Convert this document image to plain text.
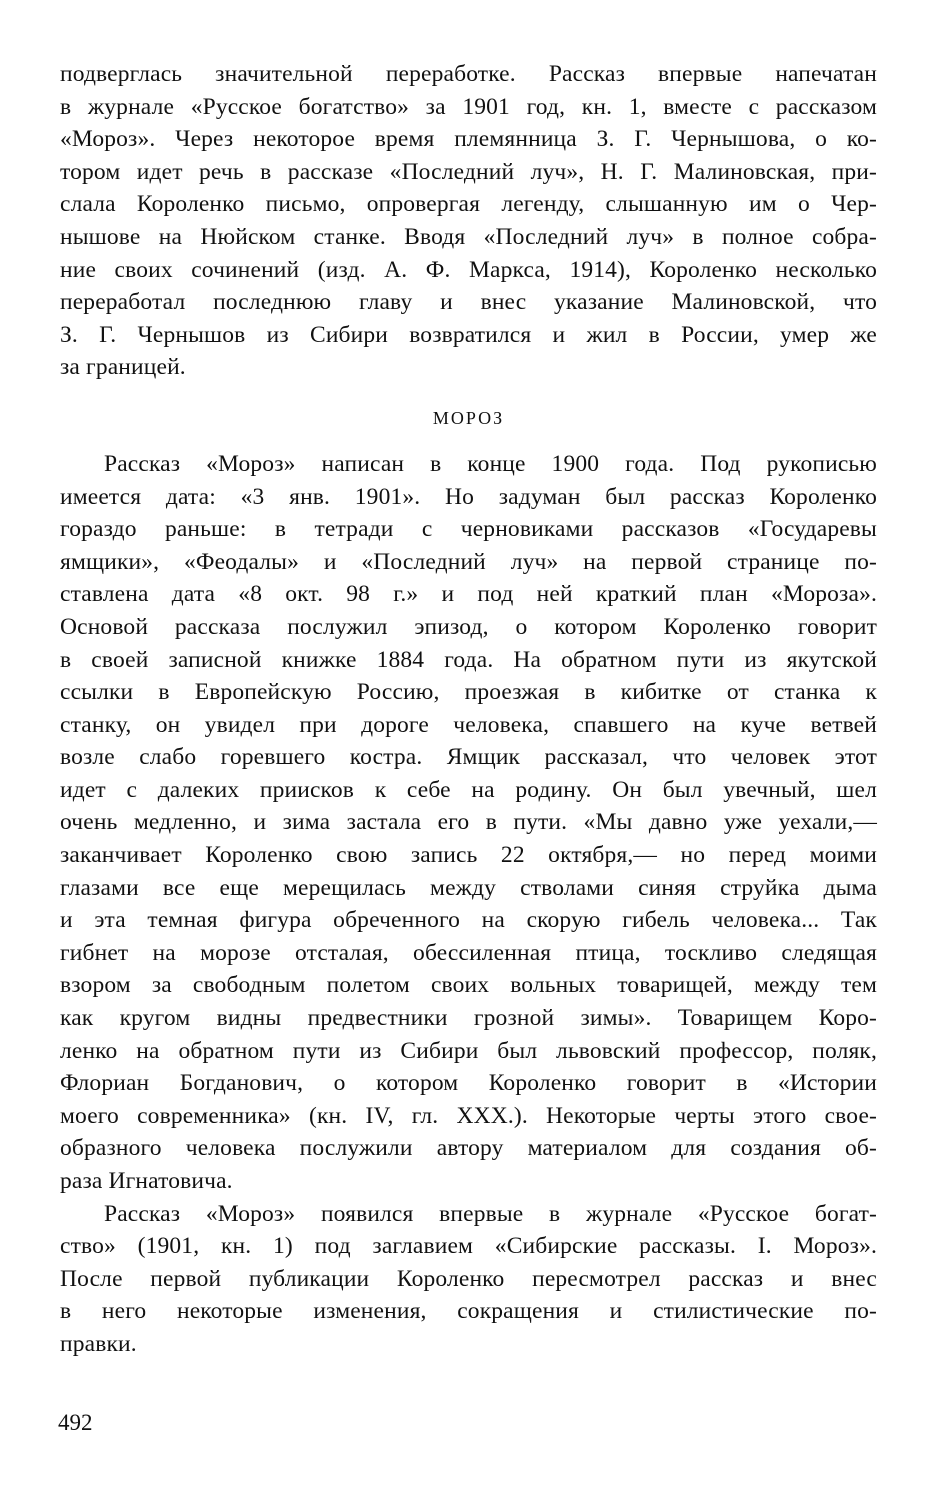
подверглась значительной переработке. Рассказ впервые напечатан
в журнале «Русское богатство» за 1901 год, кн. 1, вместе с рассказом
«Мороз». Через некоторое время племянница З. Г. Чернышова, о ко-
тором идет речь в рассказе «Последний луч», Н. Г. Малиновская, при-
слала Короленко письмо, опровергая легенду, слышанную им о Чер-
нышове на Нюйском станке. Вводя «Последний луч» в полное собра-
ние своих сочинений (изд. А. Ф. Маркса, 1914), Короленко несколько
переработал последнюю главу и внес указание Малиновской, что
З. Г. Чернышов из Сибири возвратился и жил в России, умер же
за границей.
МОРОЗ
Рассказ «Мороз» написан в конце 1900 года. Под рукописью
имеется дата: «3 янв. 1901». Но задуман был рассказ Короленко
гораздо раньше: в тетради с черновиками рассказов «Государевы
ямщики», «Феодалы» и «Последний луч» на первой странице по-
ставлена дата «8 окт. 98 г.» и под ней краткий план «Мороза».
Основой рассказа послужил эпизод, о котором Короленко говорит
в своей записной книжке 1884 года. На обратном пути из якутской
ссылки в Европейскую Россию, проезжая в кибитке от станка к
станку, он увидел при дороге человека, спавшего на куче ветвей
возле слабо горевшего костра. Ямщик рассказал, что человек этот
идет с далеких приисков к себе на родину. Он был увечный, шел
очень медленно, и зима застала его в пути. «Мы давно уже уехали,—
заканчивает Короленко свою запись 22 октября,— но перед моими
глазами все еще мерещилась между стволами синяя струйка дыма
и эта темная фигура обреченного на скорую гибель человека... Так
гибнет на морозе отсталая, обессиленная птица, тоскливо следящая
взором за свободным полетом своих вольных товарищей, между тем
как кругом видны предвестники грозной зимы». Товарищем Коро-
ленко на обратном пути из Сибири был львовский профессор, поляк,
Флориан Богданович, о котором Короленко говорит в «Истории
моего современника» (кн. IV, гл. XXX.). Некоторые черты этого свое-
образного человека послужили автору материалом для создания об-
раза Игнатовича.
Рассказ «Мороз» появился впервые в журнале «Русское богат-
ство» (1901, кн. 1) под заглавием «Сибирские рассказы. I. Мороз».
После первой публикации Короленко пересмотрел рассказ и внес
в него некоторые изменения, сокращения и стилистические по-
правки.
492
